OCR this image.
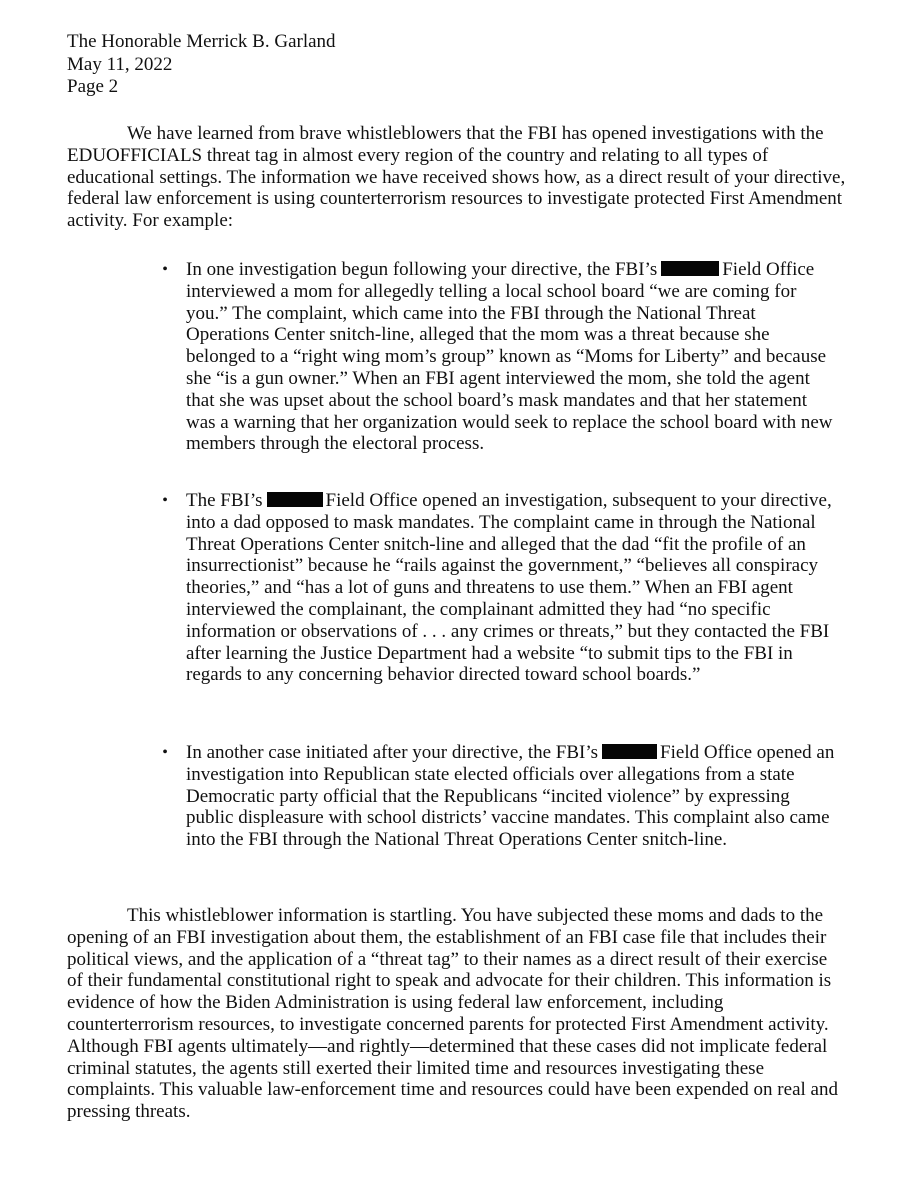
The Honorable Merrick B. Garland
May 11, 2022
Page 2

We have learned from brave whistleblowers that the FBI has opened investigations with the EDUOFFICIALS threat tag in almost every region of the country and relating to all types of educational settings. The information we have received shows how, as a direct result of your directive, federal law enforcement is using counterterrorism resources to investigate protected First Amendment activity. For example:

• In one investigation begun following your directive, the FBI’s	Field Office interviewed a mom for allegedly telling a local school board “we are coming for you.” The complaint, which came into the FBI through the National Threat Operations Center snitch-line, alleged that the mom was a threat because she belonged to a “right wing mom’s group” known as “Moms for Liberty” and because she “is a gun owner.” When an FBI agent interviewed the mom, she told the agent that she was upset about the school board’s mask mandates and that her statement was a warning that her organization would seek to replace the school board with new members through the electoral process.
• The FBI’s	Field Office opened an investigation, subsequent to your directive, into a dad opposed to mask mandates. The complaint came in through the National Threat Operations Center snitch-line and alleged that the dad “fit the profile of an insurrectionist” because he “rails against the government,” “believes all conspiracy theories,” and “has a lot of guns and threatens to use them.” When an FBI agent interviewed the complainant, the complainant admitted they had “no specific information or observations of . . . any crimes or threats,” but they contacted the FBI after learning the Justice Department had a website “to submit tips to the FBI in regards to any concerning behavior directed toward school boards.”
• In another case initiated after your directive, the FBI’s	Field Office opened an investigation into Republican state elected officials over allegations from a state Democratic party official that the Republicans “incited violence” by expressing public displeasure with school districts’ vaccine mandates. This complaint also came into the FBI through the National Threat Operations Center snitch-line.

This whistleblower information is startling. You have subjected these moms and dads to the opening of an FBI investigation about them, the establishment of an FBI case file that includes their political views, and the application of a “threat tag” to their names as a direct result of their exercise of their fundamental constitutional right to speak and advocate for their children. This information is evidence of how the Biden Administration is using federal law enforcement, including counterterrorism resources, to investigate concerned parents for protected First Amendment activity. Although FBI agents ultimately—and rightly—determined that these cases did not implicate federal criminal statutes, the agents still exerted their limited time and resources investigating these complaints. This valuable law-enforcement time and resources could have been expended on real and pressing threats.
